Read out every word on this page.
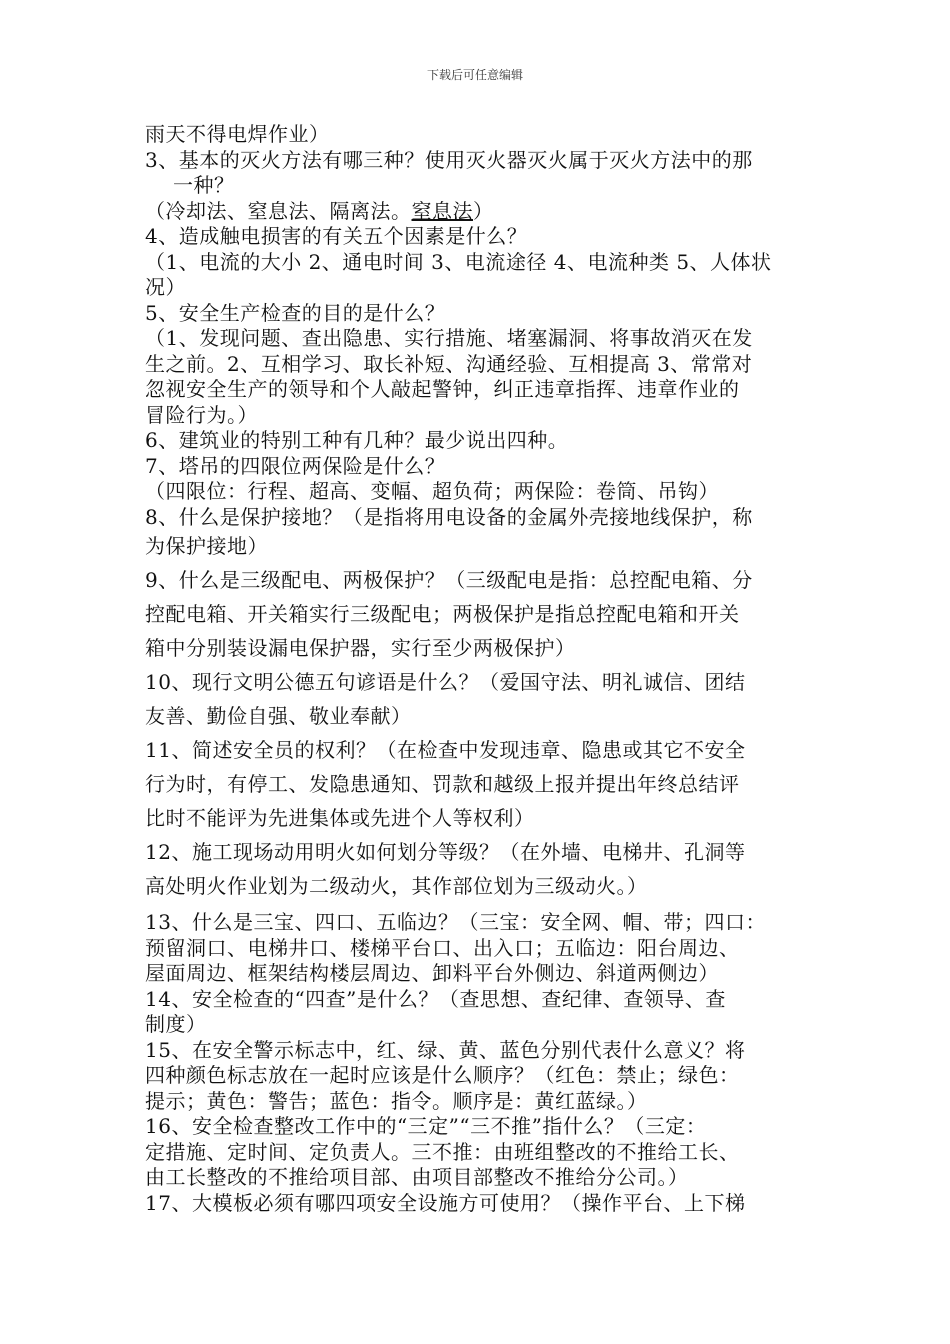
下载后可任意编辑
雨天不得电焊作业）
3、基本的灭火方法有哪三种？使用灭火器灭火属于灭火方法中的那
一种？
（冷却法、窒息法、隔离法。窒息法）
4、造成触电损害的有关五个因素是什么？
（1、电流的大小 2、通电时间 3、电流途径 4、电流种类 5、人体状
况）
5、安全生产检查的目的是什么？
（1、发现问题、查出隐患、实行措施、堵塞漏洞、将事故消灭在发
生之前。2、互相学习、取长补短、沟通经验、互相提高 3、常常对
忽视安全生产的领导和个人敲起警钟，纠正违章指挥、违章作业的
冒险行为。）
6、建筑业的特别工种有几种？最少说出四种。
7、塔吊的四限位两保险是什么？
（四限位：行程、超高、变幅、超负荷；两保险：卷筒、吊钩）
8、什么是保护接地？（是指将用电设备的金属外壳接地线保护，称
为保护接地）
9、什么是三级配电、两极保护？（三级配电是指：总控配电箱、分
控配电箱、开关箱实行三级配电；两极保护是指总控配电箱和开关
箱中分别装设漏电保护器，实行至少两极保护）
10、现行文明公德五句谚语是什么？（爱国守法、明礼诚信、团结
友善、勤俭自强、敬业奉献）
11、简述安全员的权利？（在检查中发现违章、隐患或其它不安全
行为时，有停工、发隐患通知、罚款和越级上报并提出年终总结评
比时不能评为先进集体或先进个人等权利）
12、施工现场动用明火如何划分等级？（在外墙、电梯井、孔洞等
高处明火作业划为二级动火，其作部位划为三级动火。）
13、什么是三宝、四口、五临边？（三宝：安全网、帽、带；四口：
预留洞口、电梯井口、楼梯平台口、出入口；五临边：阳台周边、
屋面周边、框架结构楼层周边、卸料平台外侧边、斜道两侧边）
14、安全检查的“四查”是什么？（查思想、查纪律、查领导、查
制度）
15、在安全警示标志中，红、绿、黄、蓝色分别代表什么意义？将
四种颜色标志放在一起时应该是什么顺序？（红色：禁止；绿色：
提示；黄色：警告；蓝色：指令。顺序是：黄红蓝绿。）
16、安全检查整改工作中的“三定”“三不推”指什么？（三定：
定措施、定时间、定负责人。三不推：由班组整改的不推给工长、
由工长整改的不推给项目部、由项目部整改不推给分公司。）
17、大模板必须有哪四项安全设施方可使用？（操作平台、上下梯
